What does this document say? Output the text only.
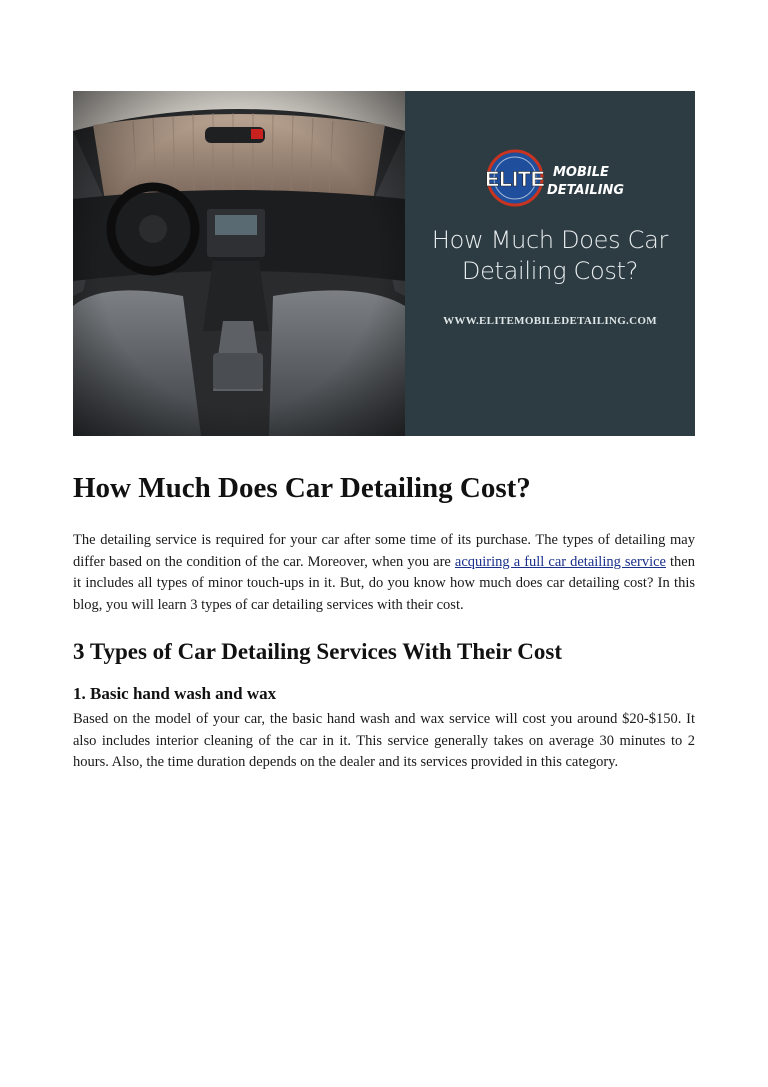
ELITE MOBILE
DETAILING
How Much Does Car
Detailing Cost?
WWW.ELITEMOBILEDETAILING.COM
How Much Does Car Detailing Cost?

The detailing service is required for your car after some time of its purchase. The types of detailing may differ based on the condition of the car. Moreover, when you are acquiring a full car detailing service then it includes all types of minor touch-ups in it. But, do you know how much does car detailing cost? In this blog, you will learn 3 types of car detailing services with their cost.

3 Types of Car Detailing Services With Their Cost
1. Basic hand wash and wax

Based on the model of your car, the basic hand wash and wax service will cost you around $20-$150. It also includes interior cleaning of the car in it. This service generally takes on average 30 minutes to 2 hours. Also, the time duration depends on the dealer and its services provided in this category.
